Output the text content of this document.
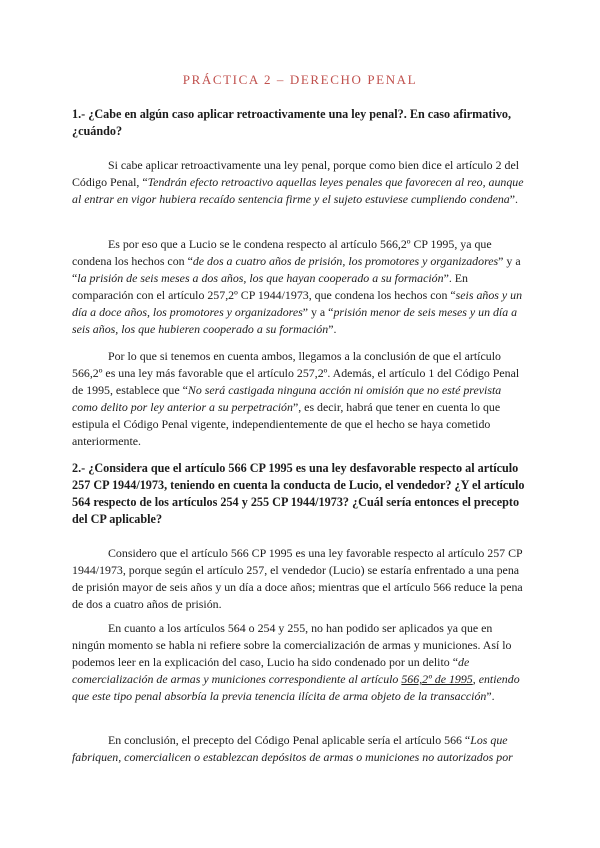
PRÁCTICA 2 – DERECHO PENAL
1.- ¿Cabe en algún caso aplicar retroactivamente una ley penal?. En caso afirmativo, ¿cuándo?
Si cabe aplicar retroactivamente una ley penal, porque como bien dice el artículo 2 del Código Penal, “Tendrán efecto retroactivo aquellas leyes penales que favorecen al reo, aunque al entrar en vigor hubiera recaído sentencia firme y el sujeto estuviese cumpliendo condena”.
Es por eso que a Lucio se le condena respecto al artículo 566,2º CP 1995, ya que condena los hechos con “de dos a cuatro años de prisión, los promotores y organizadores” y a “la prisión de seis meses a dos años, los que hayan cooperado a su formación”. En comparación con el artículo 257,2º CP 1944/1973, que condena los hechos con “seis años y un día a doce años, los promotores y organizadores” y a “prisión menor de seis meses y un día a seis años, los que hubieren cooperado a su formación”.
Por lo que si tenemos en cuenta ambos, llegamos a la conclusión de que el artículo 566,2º es una ley más favorable que el artículo 257,2º. Además, el artículo 1 del Código Penal de 1995, establece que “No será castigada ninguna acción ni omisión que no esté prevista como delito por ley anterior a su perpetración”, es decir, habrá que tener en cuenta lo que estipula el Código Penal vigente, independientemente de que el hecho se haya cometido anteriormente.
2.- ¿Considera que el artículo 566 CP 1995 es una ley desfavorable respecto al artículo 257 CP 1944/1973, teniendo en cuenta la conducta de Lucio, el vendedor? ¿Y el artículo 564 respecto de los artículos 254 y 255 CP 1944/1973? ¿Cuál sería entonces el precepto del CP aplicable?
Considero que el artículo 566 CP 1995 es una ley favorable respecto al artículo 257 CP 1944/1973, porque según el artículo 257, el vendedor (Lucio) se estaría enfrentado a una pena de prisión mayor de seis años y un día a doce años; mientras que el artículo 566 reduce la pena de dos a cuatro años de prisión.
En cuanto a los artículos 564 o 254 y 255, no han podido ser aplicados ya que en ningún momento se habla ni refiere sobre la comercialización de armas y municiones. Así lo podemos leer en la explicación del caso, Lucio ha sido condenado por un delito “de comercialización de armas y municiones correspondiente al artículo 566,2º de 1995, entiendo que este tipo penal absorbía la previa tenencia ilícita de arma objeto de la transacción”.
En conclusión, el precepto del Código Penal aplicable sería el artículo 566 “Los que fabriquen, comercialicen o establezcan depósitos de armas o municiones no autorizados por
